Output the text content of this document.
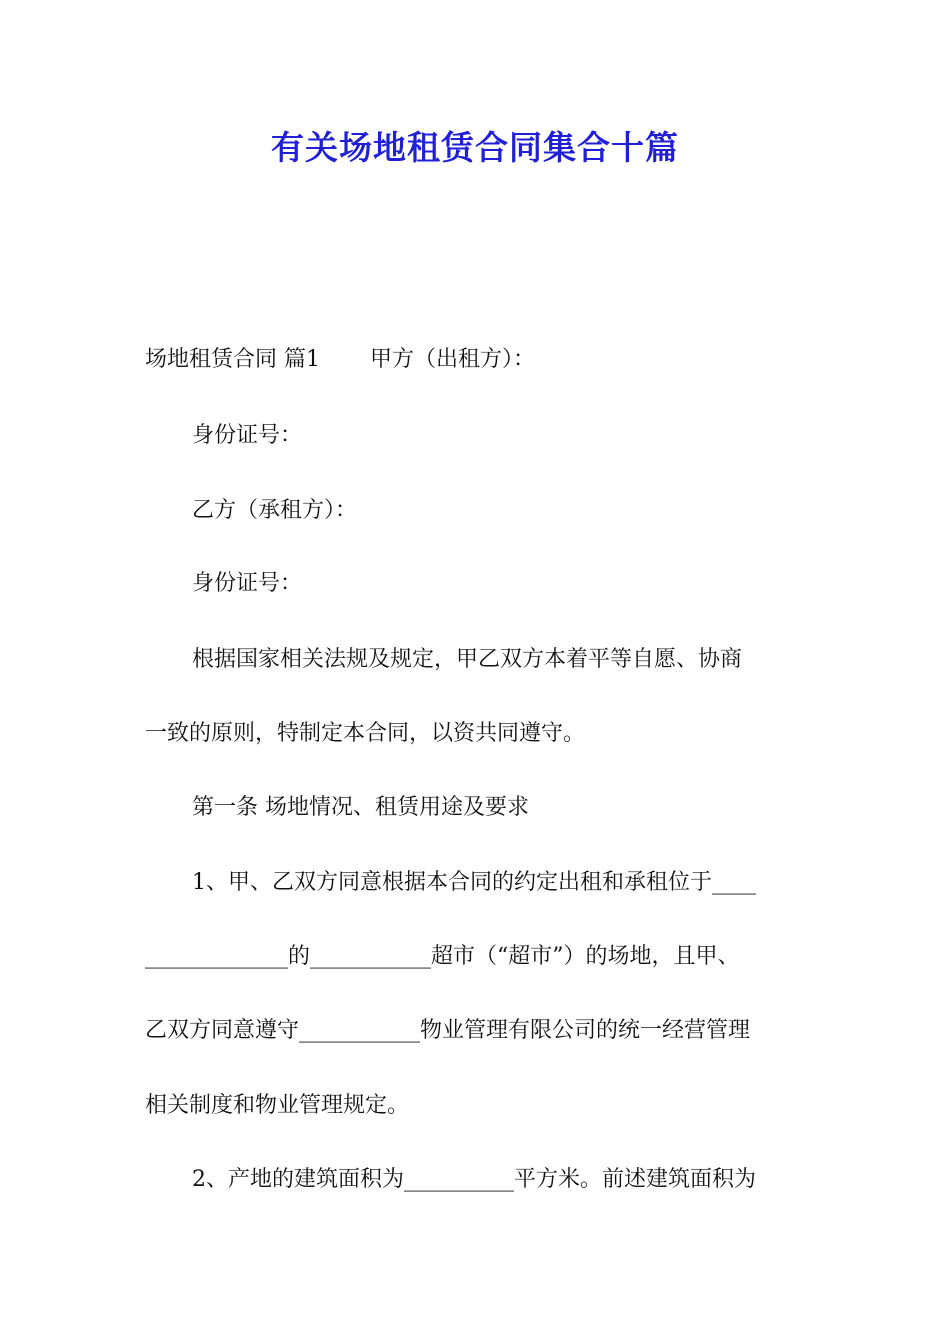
有关场地租赁合同集合十篇

场地租赁合同 篇1 甲方（出租方）：

身份证号：

乙方（承租方）：

身份证号：

根据国家相关法规及规定，甲乙双方本着平等自愿、协商

一致的原则，特制定本合同，以资共同遵守。

第一条 场地情况、租赁用途及要求

1、甲、乙双方同意根据本合同的约定出租和承租位于____

_____________的___________超市（“超市”）的场地，且甲、

乙双方同意遵守___________物业管理有限公司的统一经营管理

相关制度和物业管理规定。

2、产地的建筑面积为__________平方米。前述建筑面积为
